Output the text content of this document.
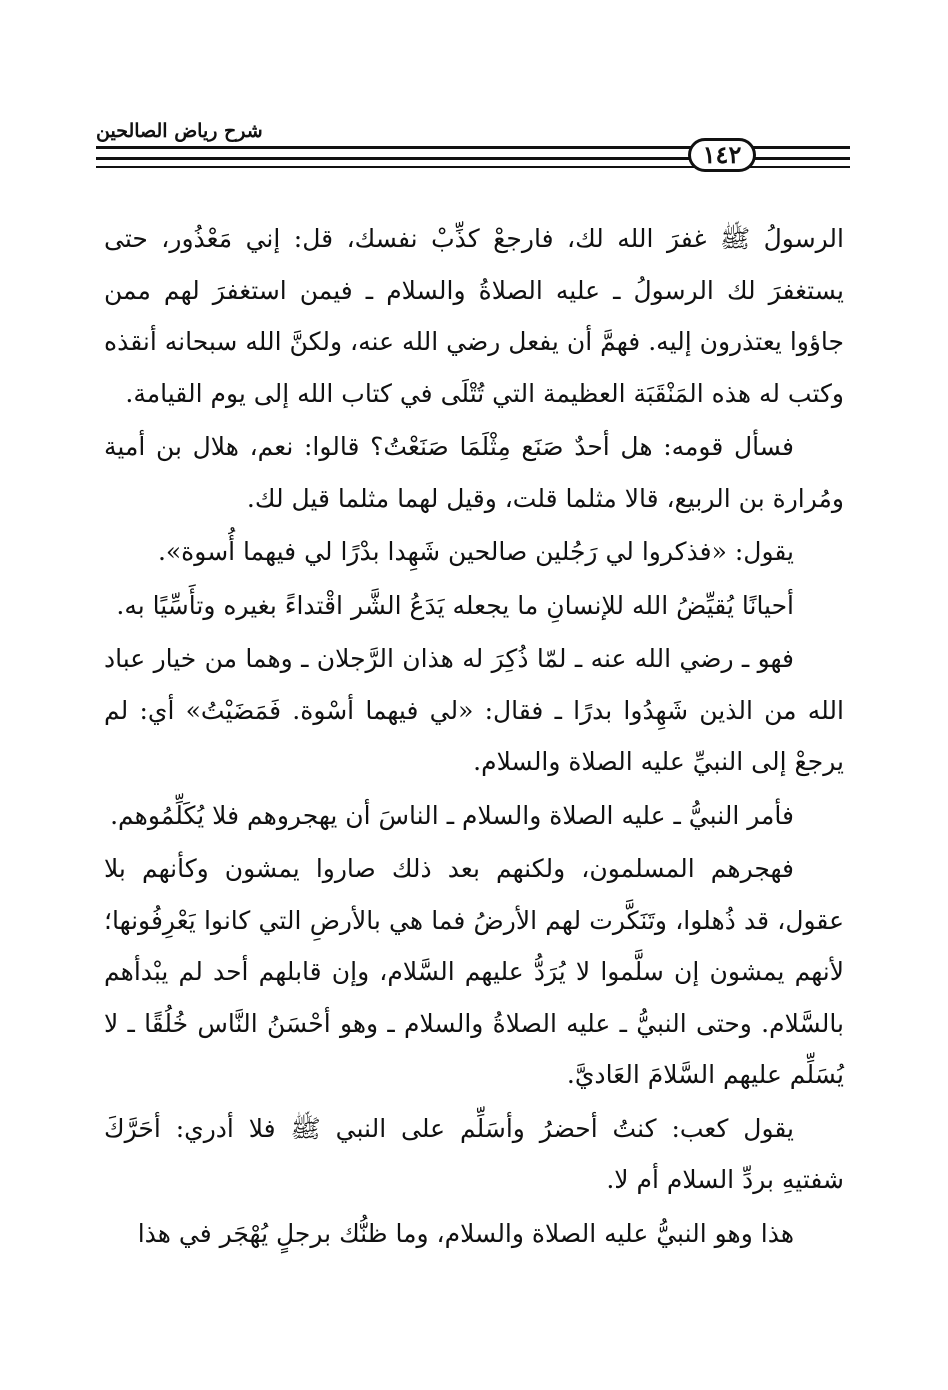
شرح رياض الصالحين
١٤٢

الرسولُ ﷺ غفرَ الله لك، فارجعْ كذِّبْ نفسك، قل: إني مَعْذُور، حتى يستغفرَ لك الرسولُ ـ عليه الصلاةُ والسلام ـ فيمن استغفرَ لهم ممن جاؤوا يعتذرون إليه. فهمَّ أن يفعل رضي الله عنه، ولكنَّ الله سبحانه أنقذه وكتب له هذه المَنْقَبَة العظيمة التي تُتْلَى في كتاب الله إلى يوم القيامة.

فسأل قومه: هل أحدٌ صَنَع مِثْلَمَا صَنَعْتُ؟ قالوا: نعم، هلال بن أمية ومُرارة بن الربيع، قالا مثلما قلت، وقيل لهما مثلما قيل لك.

يقول: «فذكروا لي رَجُلين صالحين شَهِدا بدْرًا لي فيهما أُسوة».

أحيانًا يُقيِّضُ الله للإنسانِ ما يجعله يَدَعُ الشَّر اقْتداءً بغيره وتأَسِّيًا به.

فهو ـ رضي الله عنه ـ لمّا ذُكِرَ له هذان الرَّجلان ـ وهما من خيار عباد الله من الذين شَهِدُوا بدرًا ـ فقال: «لي فيهما أسْوة. فَمَضَيْتُ» أي: لم يرجعْ إلى النبيِّ عليه الصلاة والسلام.

فأمر النبيُّ ـ عليه الصلاة والسلام ـ الناسَ أن يهجروهم فلا يُكَلِّمُوهم.

فهجرهم المسلمون، ولكنهم بعد ذلك صاروا يمشون وكأنهم بلا عقول، قد ذُهلوا، وتَنَكَّرت لهم الأرضُ فما هي بالأرضِ التي كانوا يَعْرِفُونها؛ لأنهم يمشون إن سلَّموا لا يُرَدُّ عليهم السَّلام، وإن قابلهم أحد لم يبْدأهم بالسَّلام. وحتى النبيُّ ـ عليه الصلاةُ والسلام ـ وهو أحْسَنُ النَّاس خُلُقًا ـ لا يُسَلِّم عليهم السَّلامَ العَاديَّ.

يقول كعب: كنتُ أحضرُ وأسَلِّم على النبي ﷺ فلا أدري: أحَرَّكَ شفتيهِ بردِّ السلام أم لا.

هذا وهو النبيُّ عليه الصلاة والسلام، وما ظنُّك برجلٍ يُهْجَر في هذا
